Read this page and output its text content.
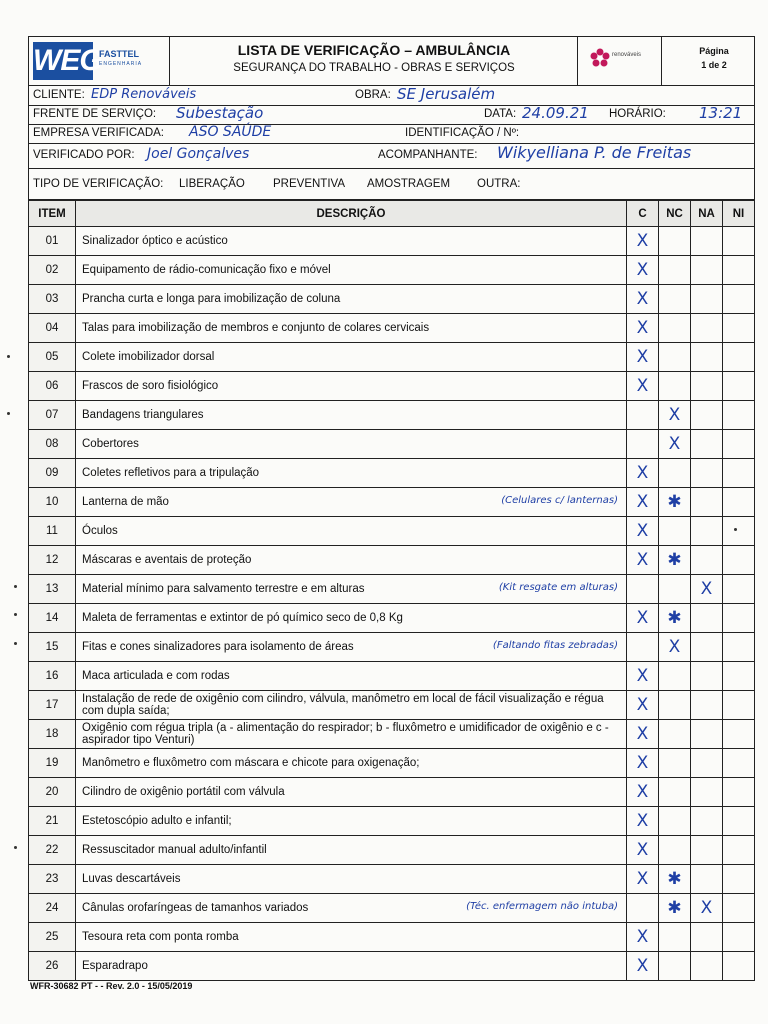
WEG
FASTTEL
ENGENHARIA
LISTA DE VERIFICAÇÃO – AMBULÂNCIA
SEGURANÇA DO TRABALHO - OBRAS E SERVIÇOS
renováveis	Página
1 de 2
CLIENTE: EDP Renováveis	OBRA: SE Jerusalém
FRENTE DE SERVIÇO: Subestação	DATA: 24.09.21 HORÁRIO: 13:21
EMPRESA VERIFICADA: ASO SAÚDE	IDENTIFICAÇÃO / Nº:
VERIFICADO POR: Joel Gonçalves	ACOMPANHANTE: Wikyelliana P. de Freitas
TIPO DE VERIFICAÇÃO: LIBERAÇÃO PREVENTIVA AMOSTRAGEM OUTRA:
ITEM	DESCRIÇÃO	C	NC	NA	NI
01	Sinalizador óptico e acústico	X			
02	Equipamento de rádio-comunicação fixo e móvel	X			
03	Prancha curta e longa para imobilização de coluna	X			
04	Talas para imobilização de membros e conjunto de colares cervicais	X			
05	Colete imobilizador dorsal	X			
06	Frascos de soro fisiológico	X			
07	Bandagens triangulares		X		
08	Cobertores		X		
09	Coletes refletivos para a tripulação	X			
10	Lanterna de mão (Celulares c/ lanternas)	X	✱		
11	Óculos	X			
12	Máscaras e aventais de proteção	X	✱		
13	Material mínimo para salvamento terrestre e em alturas (Kit resgate em alturas)			X	
14	Maleta de ferramentas e extintor de pó químico seco de 0,8 Kg	X	✱		
15	Fitas e cones sinalizadores para isolamento de áreas (Faltando fitas zebradas)		X		
16	Maca articulada e com rodas	X			
17	Instalação de rede de oxigênio com cilindro, válvula, manômetro em local de fácil visualização e régua com dupla saída;	X			
18	Oxigênio com régua tripla (a - alimentação do respirador; b - fluxômetro e umidificador de oxigênio e c - aspirador tipo Venturi)	X			
19	Manômetro e fluxômetro com máscara e chicote para oxigenação;	X			
20	Cilindro de oxigênio portátil com válvula	X			
21	Estetoscópio adulto e infantil;	X			
22	Ressuscitador manual adulto/infantil	X			
23	Luvas descartáveis	X	✱		
24	Cânulas orofaríngeas de tamanhos variados (Téc. enfermagem não intuba)		✱	X	
25	Tesoura reta com ponta romba	X			
26	Esparadrapo	X			
WFR-30682 PT - - Rev. 2.0 - 15/05/2019
